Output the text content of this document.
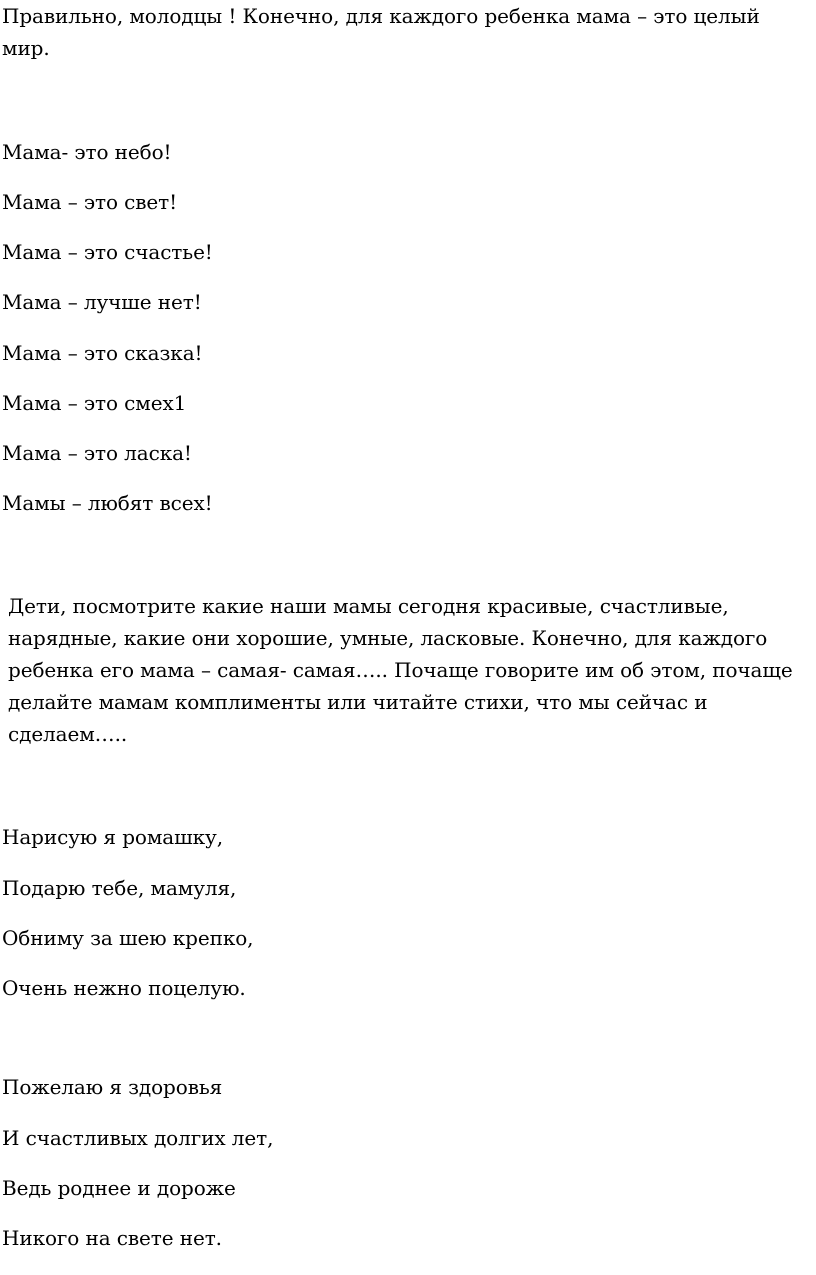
Правильно, молодцы ! Конечно, для каждого ребенка мама – это целый

мир.

Мама- это небо!

Мама – это свет!

Мама – это счастье!

Мама – лучше нет!

Мама – это сказка!

Мама – это смех1

Мама – это ласка!

Мамы – любят всех!

Дети, посмотрите какие наши мамы сегодня красивые, счастливые, нарядные, какие они хорошие, умные, ласковые. Конечно, для каждого ребенка его мама – самая- самая….. Почаще говорите им об этом, почаще делайте мамам комплименты или читайте стихи, что мы сейчас и сделаем…..

Нарисую я ромашку,

Подарю тебе, мамуля,

Обниму за шею крепко,

Очень нежно поцелую.

Пожелаю я здоровья

И счастливых долгих лет,

Ведь роднее и дороже

Никого на свете нет.
